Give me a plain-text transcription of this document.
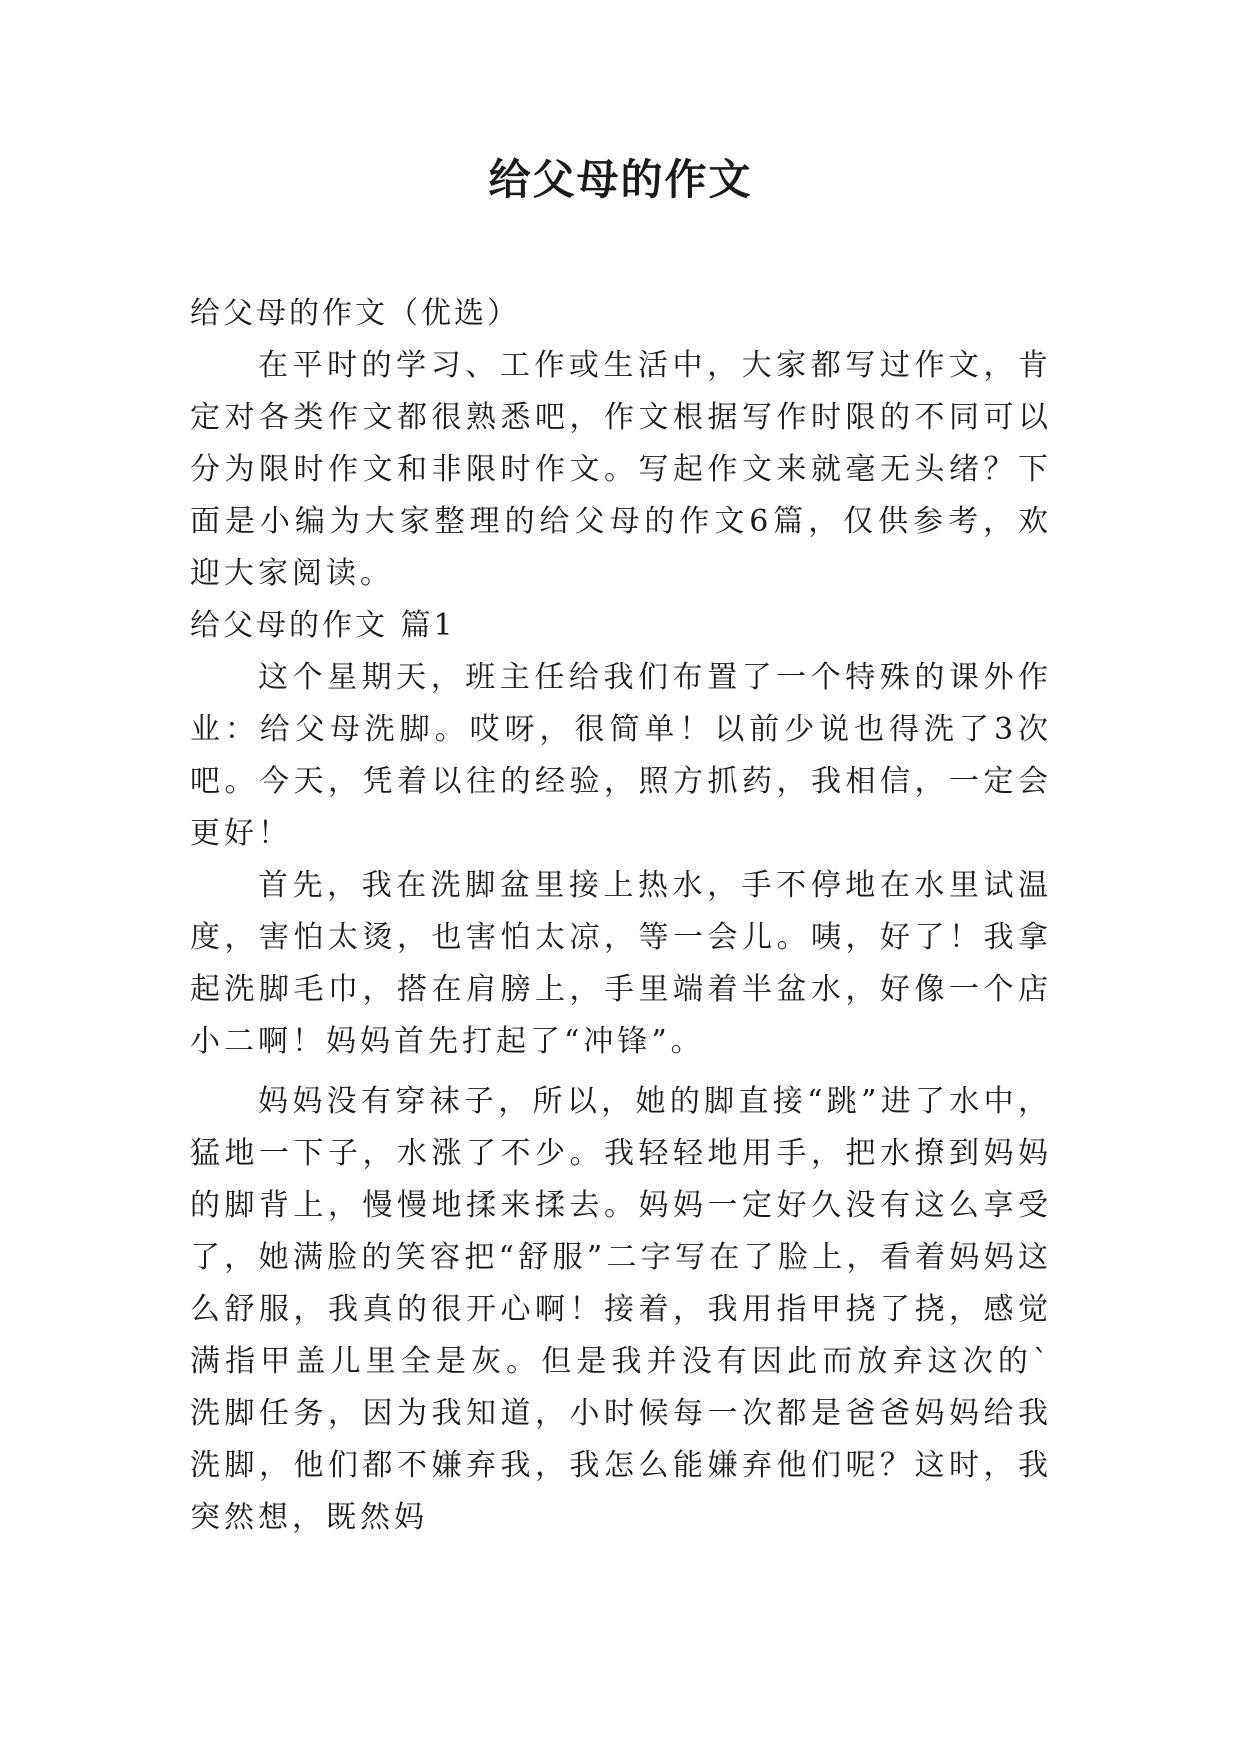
给父母的作文

给父母的作文（优选）

在平时的学习、工作或生活中，大家都写过作文，肯定对各类作文都很熟悉吧，作文根据写作时限的不同可以分为限时作文和非限时作文。写起作文来就毫无头绪？下面是小编为大家整理的给父母的作文6篇，仅供参考，欢迎大家阅读。

给父母的作文 篇1

这个星期天，班主任给我们布置了一个特殊的课外作业：给父母洗脚。哎呀，很简单！以前少说也得洗了3次吧。今天，凭着以往的经验，照方抓药，我相信，一定会更好！

首先，我在洗脚盆里接上热水，手不停地在水里试温度，害怕太烫，也害怕太凉，等一会儿。咦，好了！我拿起洗脚毛巾，搭在肩膀上，手里端着半盆水，好像一个店小二啊！妈妈首先打起了“冲锋”。

妈妈没有穿袜子，所以，她的脚直接“跳”进了水中，猛地一下子，水涨了不少。我轻轻地用手，把水撩到妈妈的脚背上，慢慢地揉来揉去。妈妈一定好久没有这么享受了，她满脸的笑容把“舒服”二字写在了脸上，看着妈妈这么舒服，我真的很开心啊！接着，我用指甲挠了挠，感觉满指甲盖儿里全是灰。但是我并没有因此而放弃这次的`洗脚任务，因为我知道，小时候每一次都是爸爸妈妈给我洗脚，他们都不嫌弃我，我怎么能嫌弃他们呢？这时，我突然想，既然妈
